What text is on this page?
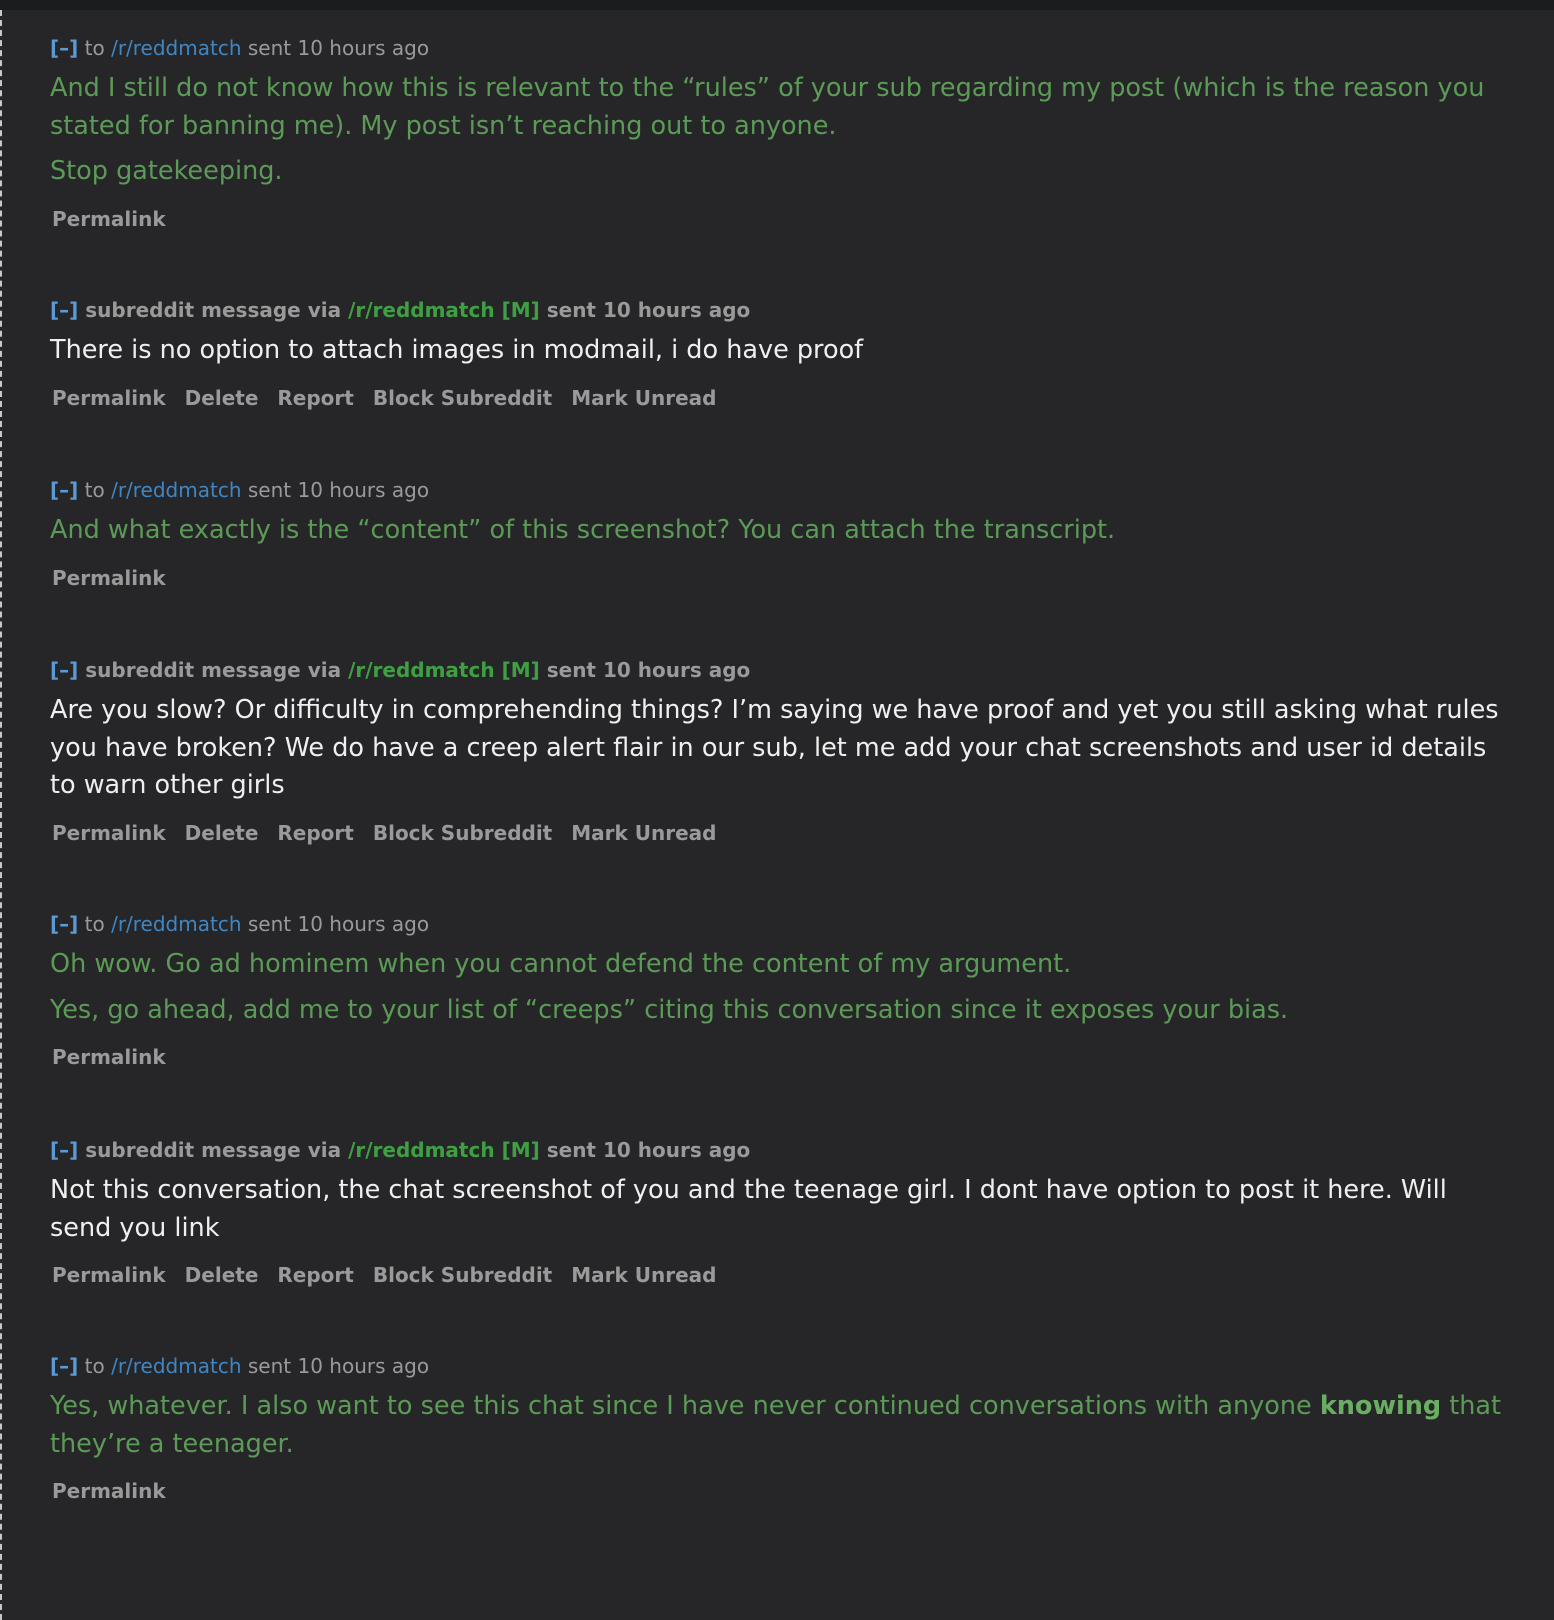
[–] to /r/reddmatch sent 10 hours ago

And I still do not know how this is relevant to the “rules” of your sub regarding my post (which is the reason you stated for banning me). My post isn’t reaching out to anyone.

Stop gatekeeping.

Permalink
[–] subreddit message via /r/reddmatch [M] sent 10 hours ago

There is no option to attach images in modmail, i do have proof

Permalink Delete Report Block Subreddit Mark Unread
[–] to /r/reddmatch sent 10 hours ago

And what exactly is the “content” of this screenshot? You can attach the transcript.

Permalink
[–] subreddit message via /r/reddmatch [M] sent 10 hours ago

Are you slow? Or difficulty in comprehending things? I’m saying we have proof and yet you still asking what rules you have broken? We do have a creep alert flair in our sub, let me add your chat screenshots and user id details to warn other girls

Permalink Delete Report Block Subreddit Mark Unread
[–] to /r/reddmatch sent 10 hours ago

Oh wow. Go ad hominem when you cannot defend the content of my argument.

Yes, go ahead, add me to your list of “creeps” citing this conversation since it exposes your bias.

Permalink
[–] subreddit message via /r/reddmatch [M] sent 10 hours ago

Not this conversation, the chat screenshot of you and the teenage girl. I dont have option to post it here. Will send you link

Permalink Delete Report Block Subreddit Mark Unread
[–] to /r/reddmatch sent 10 hours ago

Yes, whatever. I also want to see this chat since I have never continued conversations with anyone knowing that they’re a teenager.

Permalink
